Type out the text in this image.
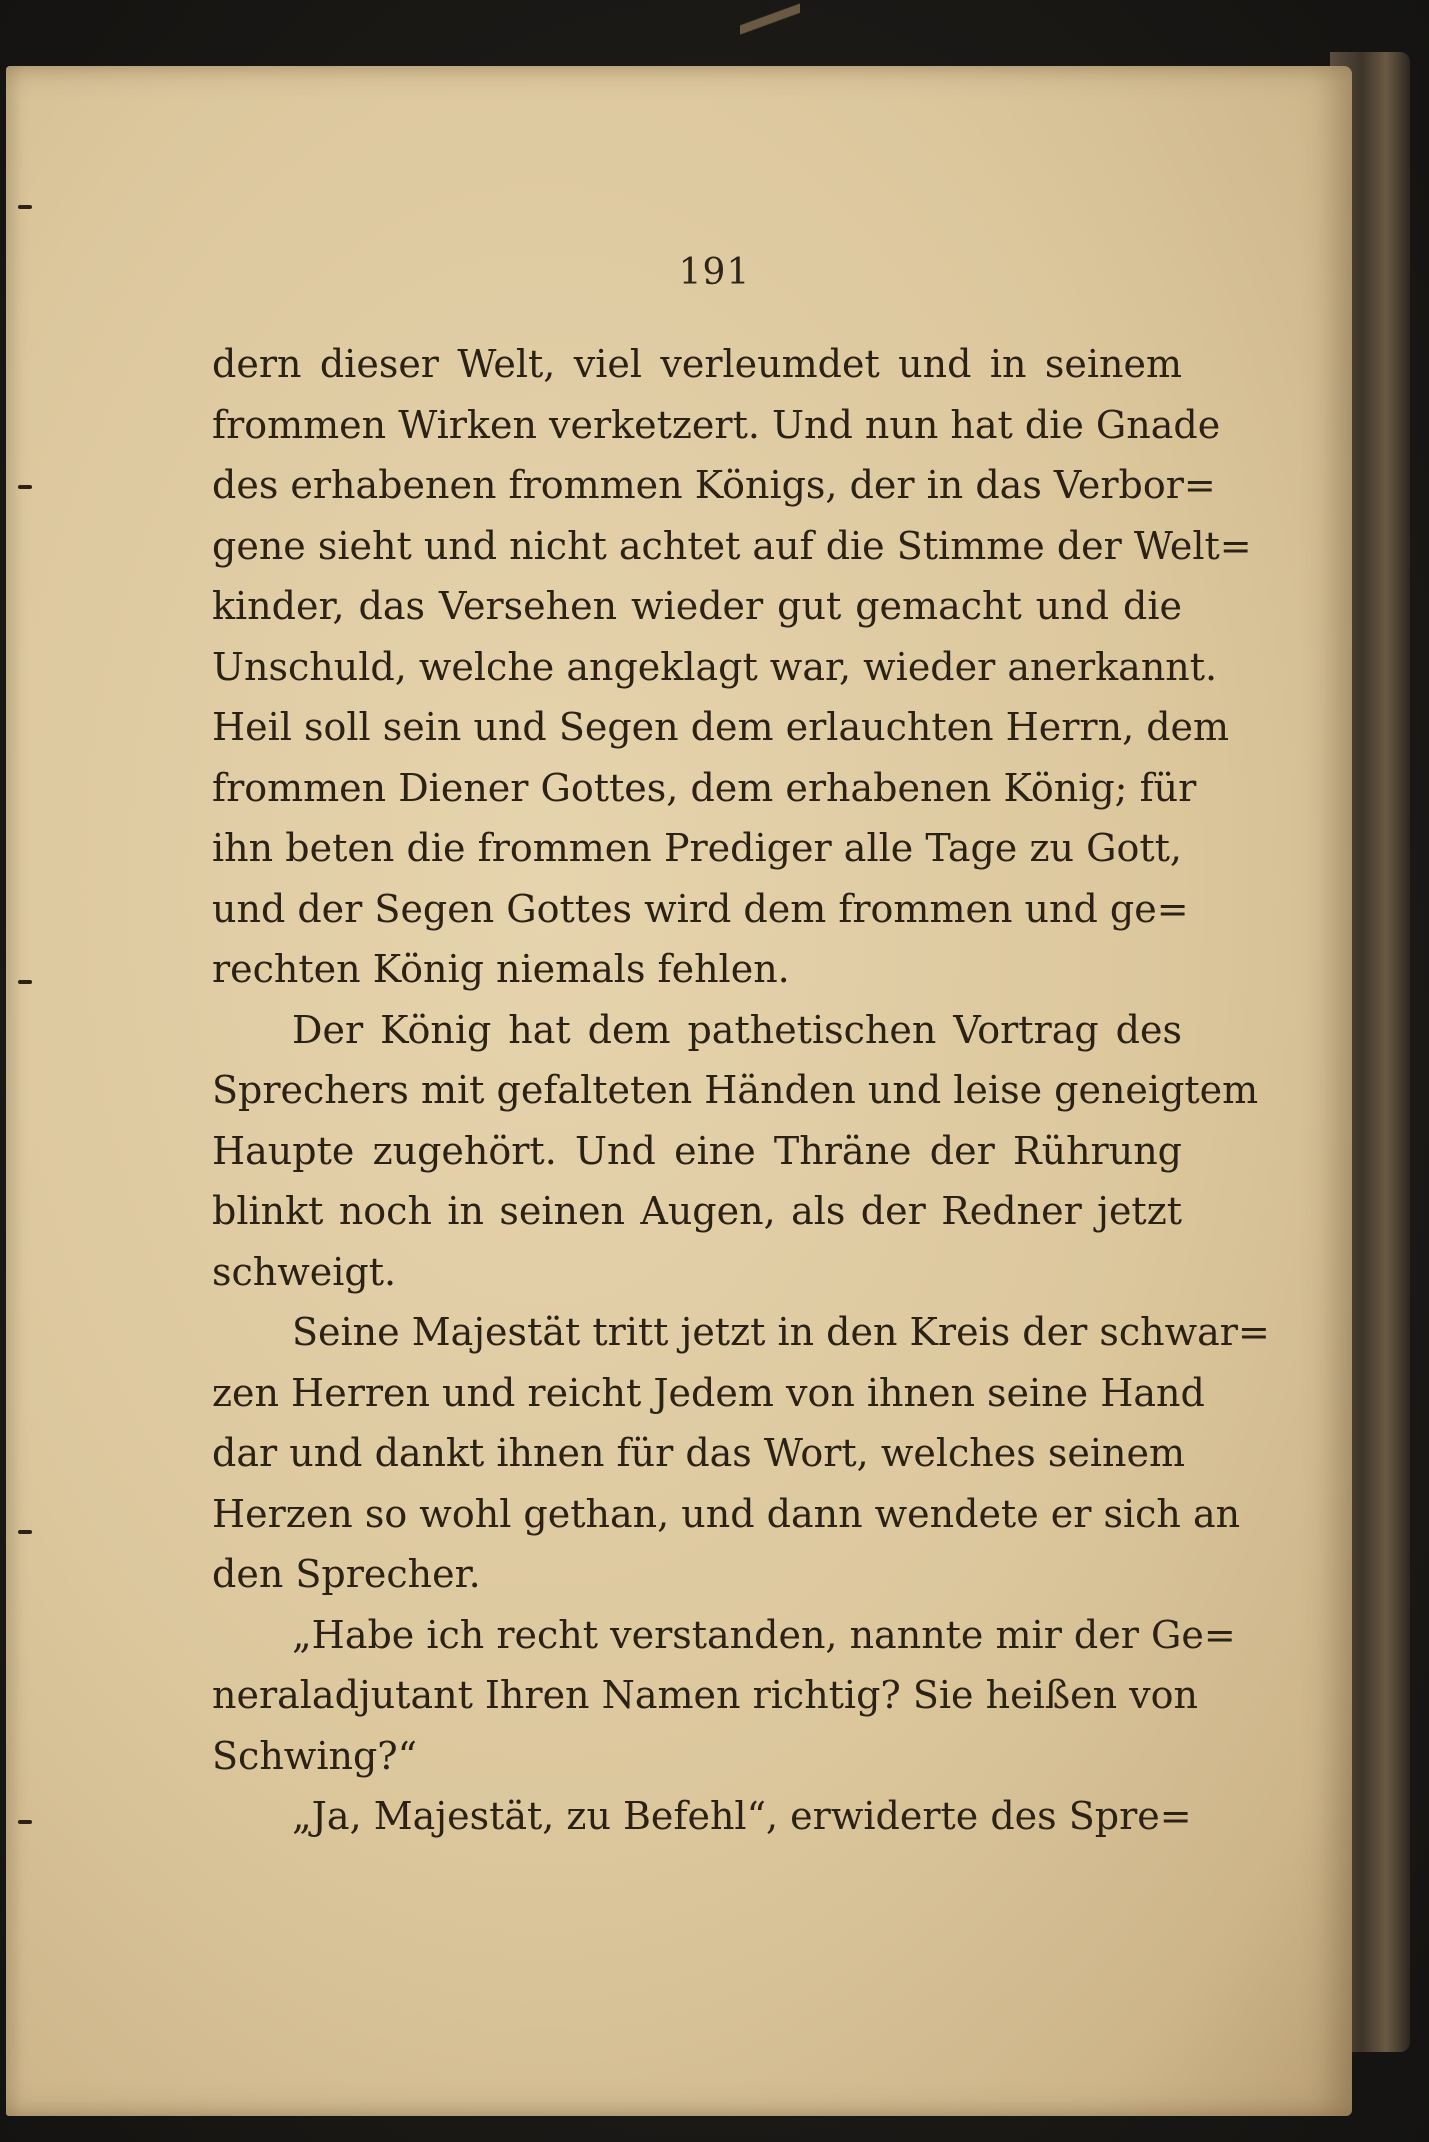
191
dern dieser Welt, viel verleumdet und in seinem
frommen Wirken verketzert. Und nun hat die Gnade
des erhabenen frommen Königs, der in das Verbor=
gene sieht und nicht achtet auf die Stimme der Welt=
kinder, das Versehen wieder gut gemacht und die
Unschuld, welche angeklagt war, wieder anerkannt.
Heil soll sein und Segen dem erlauchten Herrn, dem
frommen Diener Gottes, dem erhabenen König; für
ihn beten die frommen Prediger alle Tage zu Gott,
und der Segen Gottes wird dem frommen und ge=
rechten König niemals fehlen.
Der König hat dem pathetischen Vortrag des
Sprechers mit gefalteten Händen und leise geneigtem
Haupte zugehört. Und eine Thräne der Rührung
blinkt noch in seinen Augen, als der Redner jetzt
schweigt.
Seine Majestät tritt jetzt in den Kreis der schwar=
zen Herren und reicht Jedem von ihnen seine Hand
dar und dankt ihnen für das Wort, welches seinem
Herzen so wohl gethan, und dann wendete er sich an
den Sprecher.
„Habe ich recht verstanden, nannte mir der Ge=
neraladjutant Ihren Namen richtig? Sie heißen von
Schwing?“
„Ja, Majestät, zu Befehl“, erwiderte des Spre=
